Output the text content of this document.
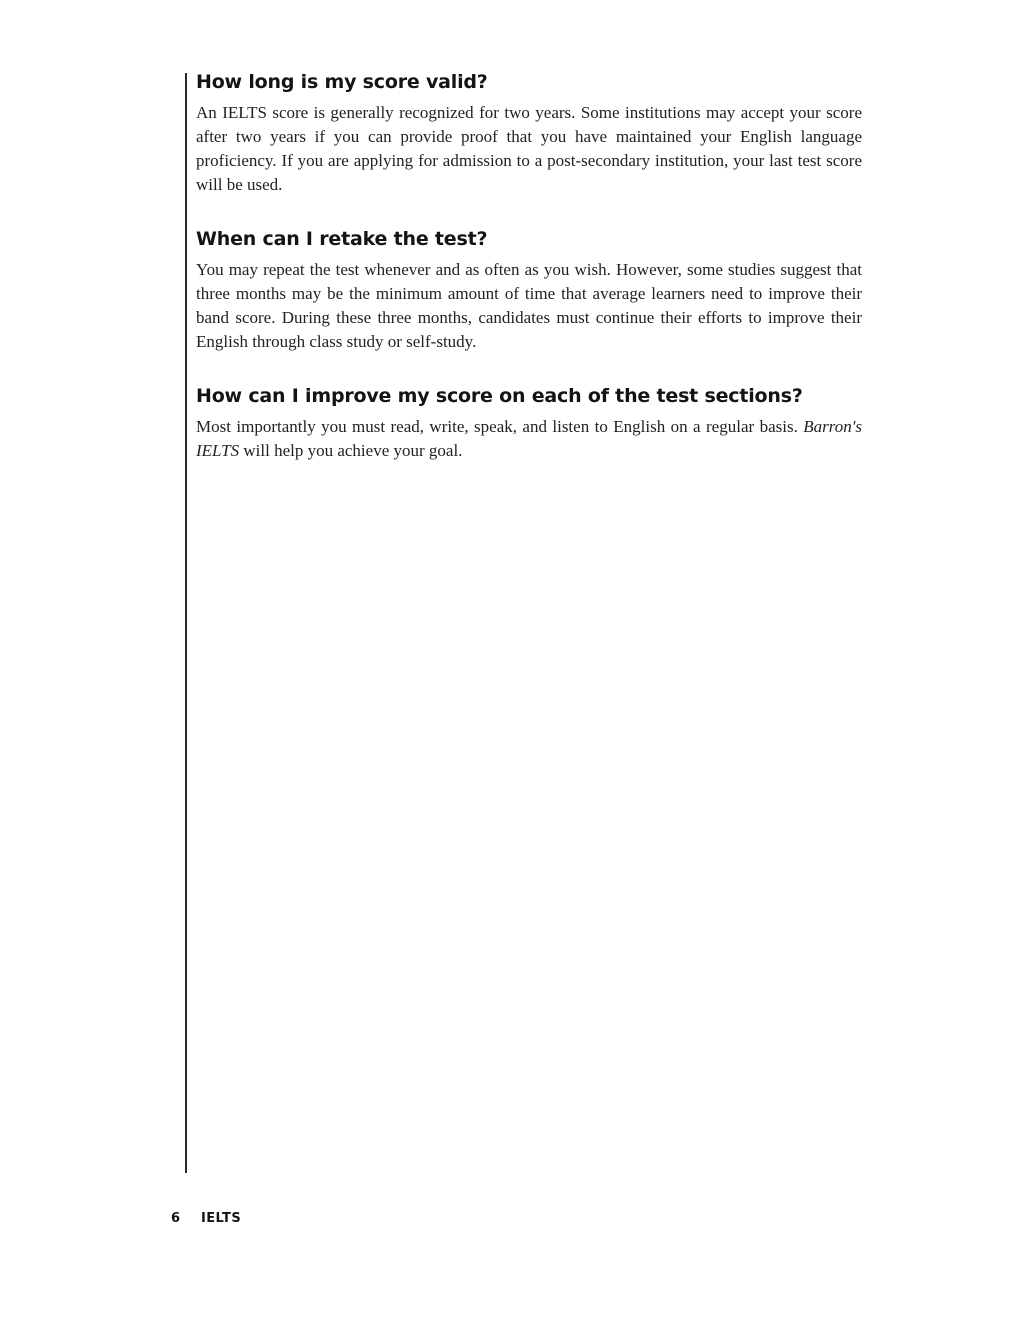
How long is my score valid?

An IELTS score is generally recognized for two years. Some institutions may accept your score after two years if you can provide proof that you have maintained your English language proficiency. If you are applying for admission to a post-secondary institution, your last test score will be used.

When can I retake the test?

You may repeat the test whenever and as often as you wish. However, some studies suggest that three months may be the minimum amount of time that average learners need to improve their band score. During these three months, candidates must continue their efforts to improve their English through class study or self-study.

How can I improve my score on each of the test sections?

Most importantly you must read, write, speak, and listen to English on a regular basis. Barron's IELTS will help you achieve your goal.

6 IELTS
